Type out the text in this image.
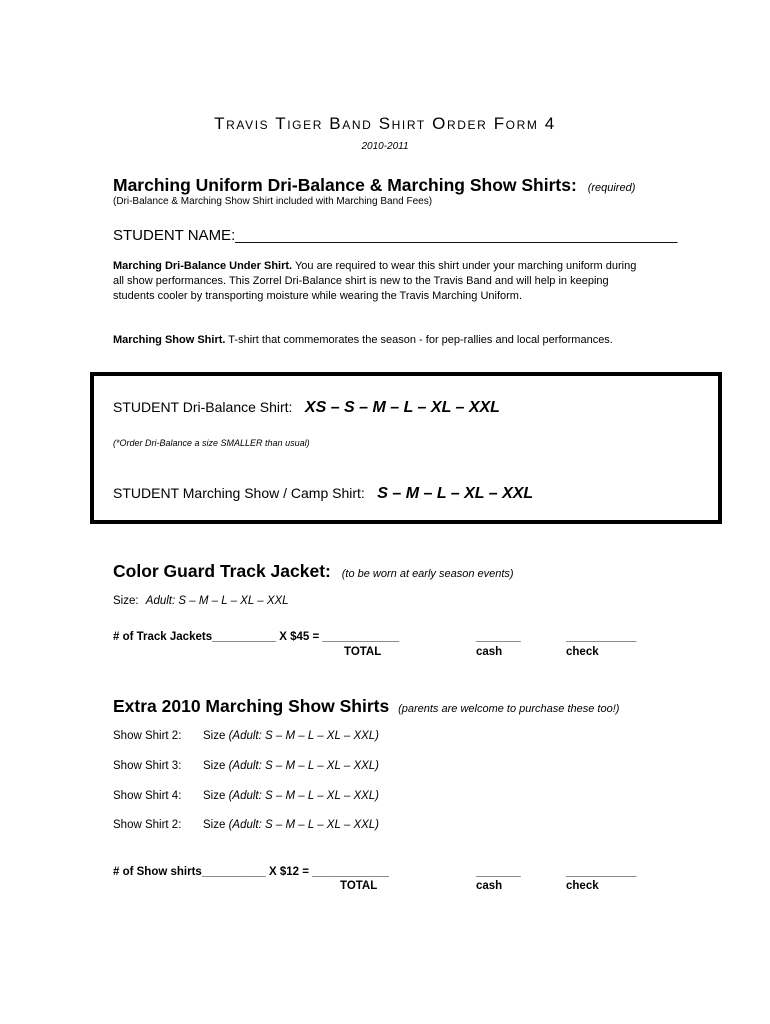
Travis Tiger Band Shirt Order Form 4
2010-2011
Marching Uniform Dri-Balance & Marching Show Shirts: (required)
(Dri-Balance & Marching Show Shirt included with Marching Band Fees)
STUDENT NAME:_____________________________________________________
Marching Dri-Balance Under Shirt. You are required to wear this shirt under your marching uniform during all show performances. This Zorrel Dri-Balance shirt is new to the Travis Band and will help in keeping students cooler by transporting moisture while wearing the Travis Marching Uniform.
Marching Show Shirt. T-shirt that commemorates the season - for pep-rallies and local performances.
STUDENT Dri-Balance Shirt: XS – S – M – L – XL – XXL
(*Order Dri-Balance a size SMALLER than usual)
STUDENT Marching Show / Camp Shirt: S – M – L – XL – XXL
Color Guard Track Jacket: (to be worn at early season events)
Size: Adult: S – M – L – XL – XXL
# of Track Jackets__________ X $45 = ____________	_______	___________
TOTAL	cash	check
Extra 2010 Marching Show Shirts (parents are welcome to purchase these too!)
Show Shirt 2: Size (Adult: S – M – L – XL – XXL)
Show Shirt 3: Size (Adult: S – M – L – XL – XXL)
Show Shirt 4: Size (Adult: S – M – L – XL – XXL)
Show Shirt 2: Size (Adult: S – M – L – XL – XXL)
# of Show shirts__________ X $12 = ____________	_______	___________
TOTAL	cash	check
